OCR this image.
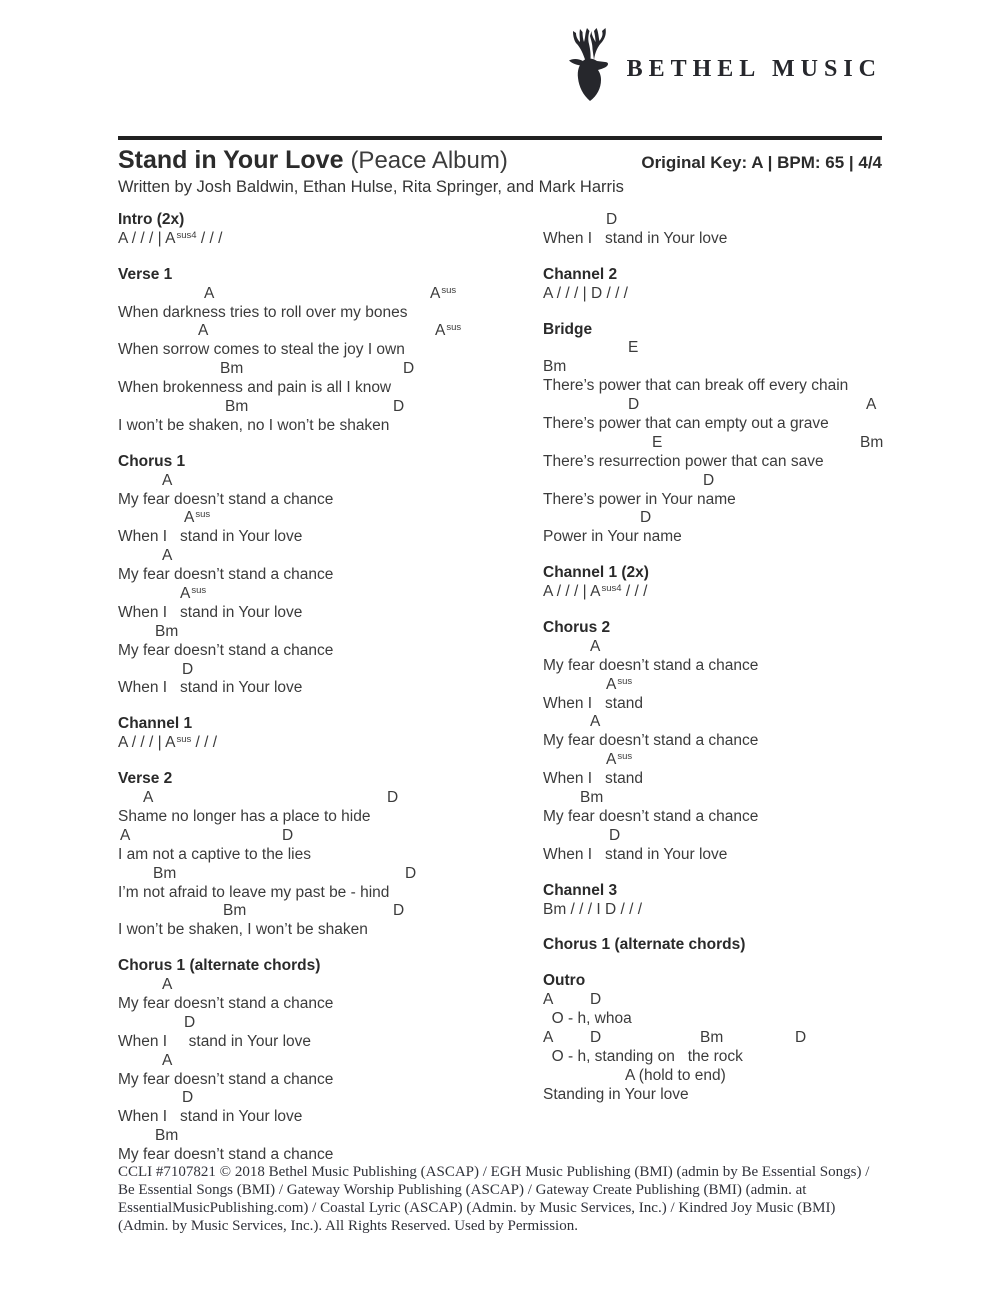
BETHEL MUSIC
Stand in Your Love (Peace Album)	Original Key: A | BPM: 65 | 4/4
Written by Josh Baldwin, Ethan Hulse, Rita Springer, and Mark Harris
Intro (2x)
A / / / | $A^{sus4}$ / / /
Verse 1
A	$A^{sus}$
When darkness tries to roll over my bones
A	$A^{sus}$
When sorrow comes to steal the joy I own
Bm	D
When brokenness and pain is all I know
Bm	D
I won’t be shaken, no I won’t be shaken
Chorus 1
A
My fear doesn’t stand a chance
$A^{sus}$
When I   stand in Your love
A
My fear doesn’t stand a chance
$A^{sus}$
When I   stand in Your love
Bm
My fear doesn’t stand a chance
D
When I   stand in Your love
Channel 1
A / / / | $A^{sus}$ / / /
Verse 2
A	D
Shame no longer has a place to hide
A	D
I am not a captive to the lies
Bm	D
I’m not afraid to leave my past be - hind
Bm	D
I won’t be shaken, I won’t be shaken
Chorus 1 (alternate chords)
A
My fear doesn’t stand a chance
D
When I     stand in Your love
A
My fear doesn’t stand a chance
D
When I   stand in Your love
Bm
My fear doesn’t stand a chance
D
When I   stand in Your love
Channel 2
A / / / | D / / /
Bridge
E
Bm
There’s power that can break off every chain
D	A
There’s power that can empty out a grave
E	Bm
There’s resurrection power that can save
D
There’s power in Your name
D
Power in Your name
Channel 1 (2x)
A / / / | $A^{sus4}$ / / /
Chorus 2
A
My fear doesn’t stand a chance
$A^{sus}$
When I   stand
A
My fear doesn’t stand a chance
$A^{sus}$
When I   stand
Bm
My fear doesn’t stand a chance
D
When I   stand in Your love
Channel 3
Bm / / / I D / / /
Chorus 1 (alternate chords)
Outro
A D
O - h, whoa
A D	Bm	D
O - h, standing on   the rock
A (hold to end)
Standing in Your love
CCLI #7107821 © 2018 Bethel Music Publishing (ASCAP) / EGH Music Publishing (BMI) (admin by Be Essential Songs) / Be Essential Songs (BMI) / Gateway Worship Publishing (ASCAP) / Gateway Create Publishing (BMI) (admin. at EssentialMusicPublishing.com) / Coastal Lyric (ASCAP) (Admin. by Music Services, Inc.) / Kindred Joy Music (BMI) (Admin. by Music Services, Inc.). All Rights Reserved. Used by Permission.
